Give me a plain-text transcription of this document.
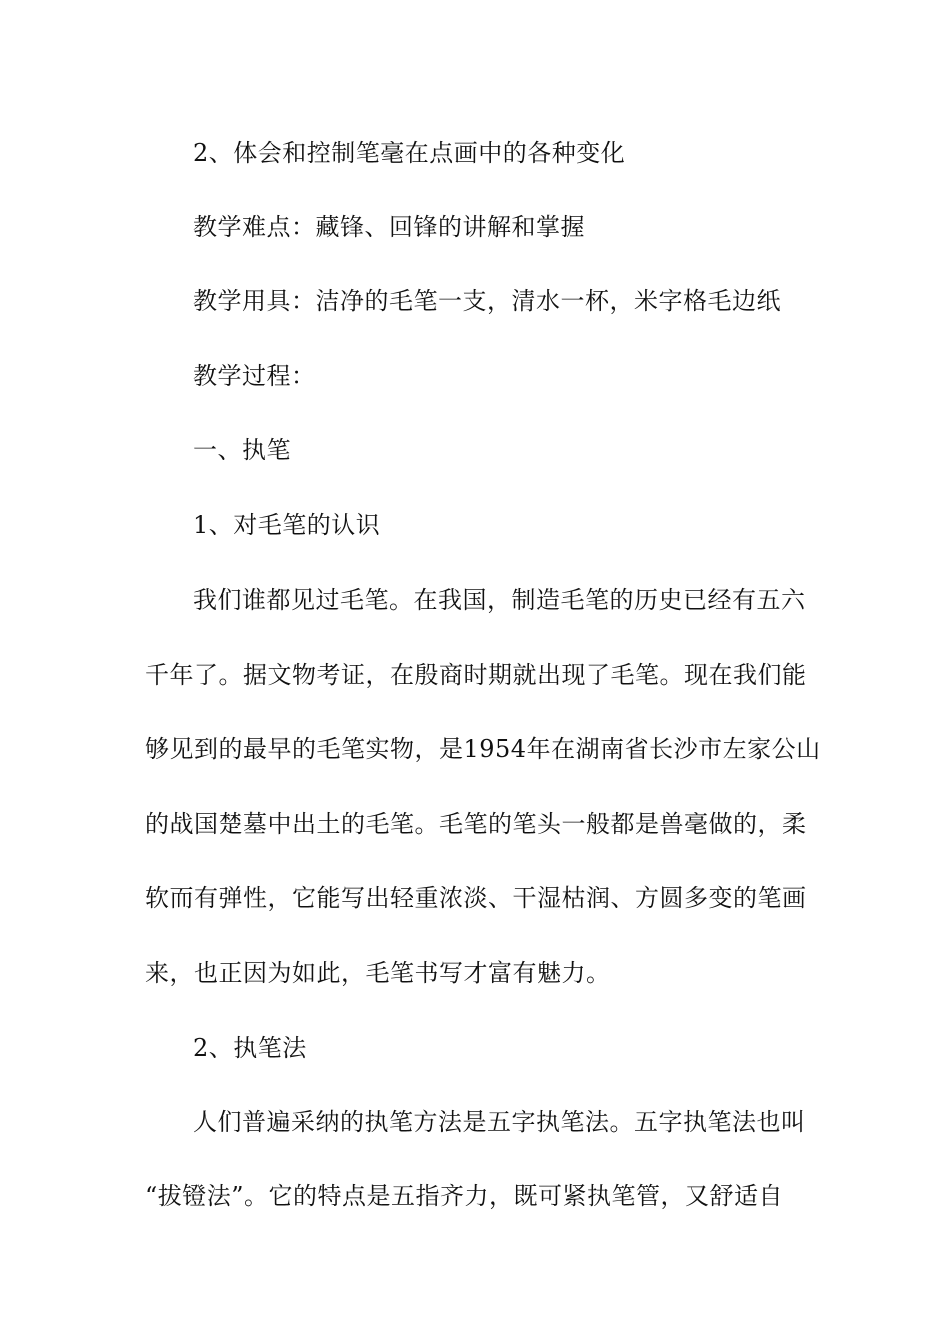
2、体会和控制笔毫在点画中的各种变化
教学难点：藏锋、回锋的讲解和掌握
教学用具：洁净的毛笔一支，清水一杯，米字格毛边纸
教学过程：
一、执笔
1、对毛笔的认识
我们谁都见过毛笔。在我国，制造毛笔的历史已经有五六
千年了。据文物考证，在殷商时期就出现了毛笔。现在我们能
够见到的最早的毛笔实物，是1954年在湖南省长沙市左家公山
的战国楚墓中出土的毛笔。毛笔的笔头一般都是兽毫做的，柔
软而有弹性，它能写出轻重浓淡、干湿枯润、方圆多变的笔画
来，也正因为如此，毛笔书写才富有魅力。
2、执笔法
人们普遍采纳的执笔方法是五字执笔法。五字执笔法也叫
“拔镫法”。它的特点是五指齐力，既可紧执笔管，又舒适自
